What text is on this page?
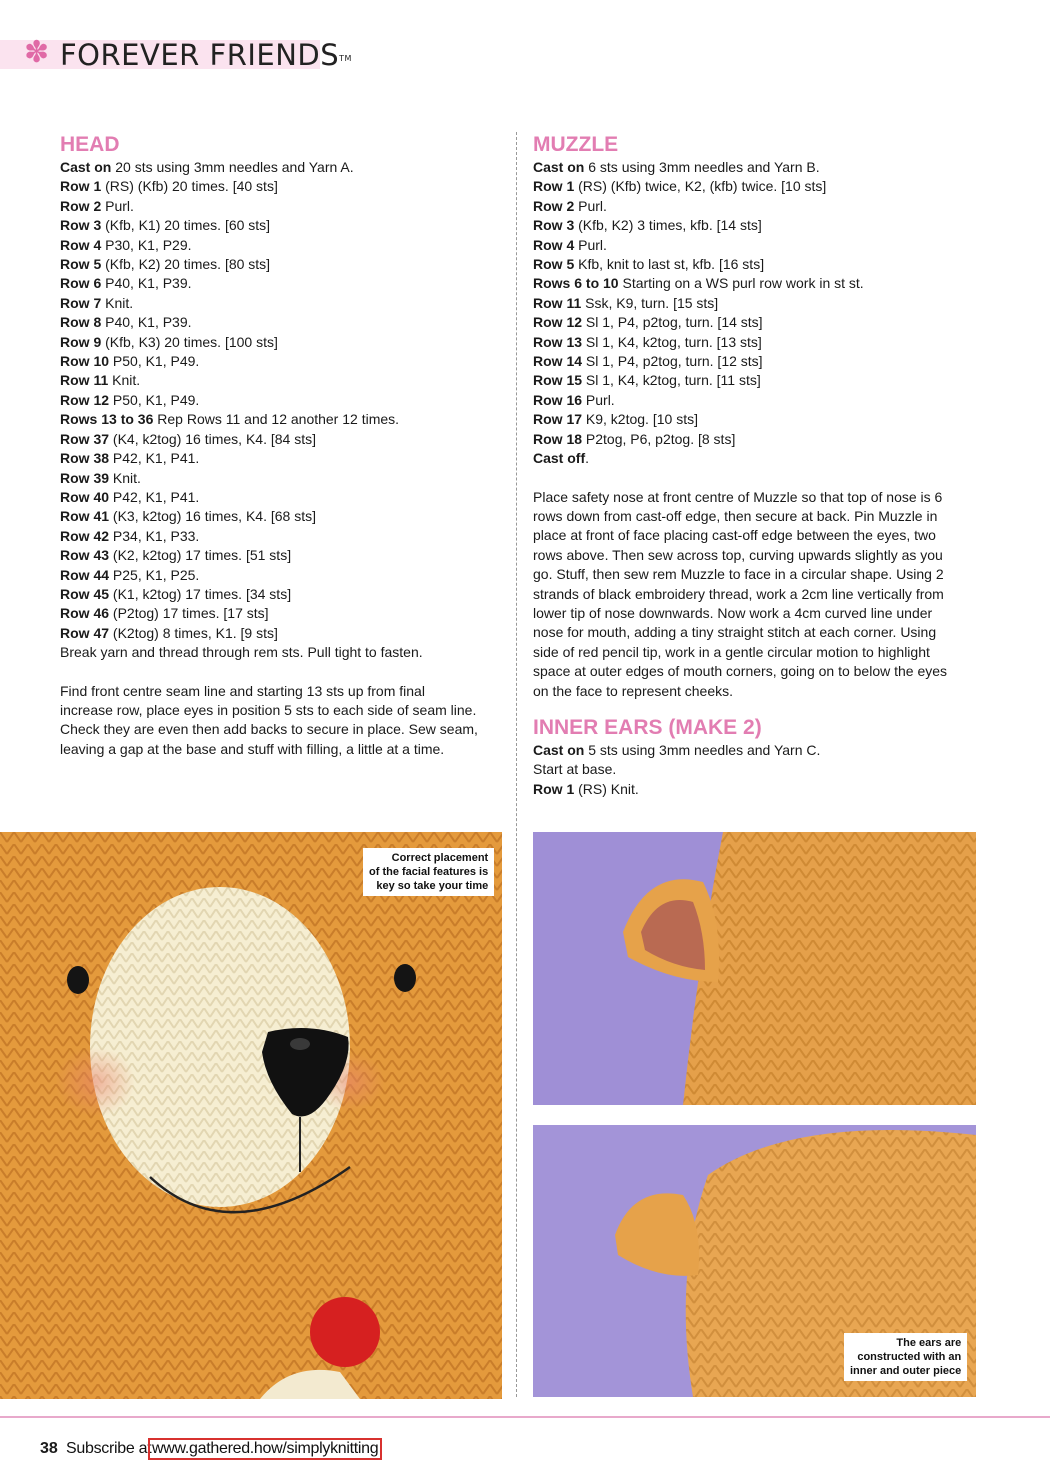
✽ FOREVER FRIENDS™
HEAD
Cast on 20 sts using 3mm needles and Yarn A.
Row 1 (RS) (Kfb) 20 times. [40 sts]
Row 2 Purl.
Row 3 (Kfb, K1) 20 times. [60 sts]
Row 4 P30, K1, P29.
Row 5 (Kfb, K2) 20 times. [80 sts]
Row 6 P40, K1, P39.
Row 7 Knit.
Row 8 P40, K1, P39.
Row 9 (Kfb, K3) 20 times. [100 sts]
Row 10 P50, K1, P49.
Row 11 Knit.
Row 12 P50, K1, P49.
Rows 13 to 36 Rep Rows 11 and 12 another 12 times.
Row 37 (K4, k2tog) 16 times, K4. [84 sts]
Row 38 P42, K1, P41.
Row 39 Knit.
Row 40 P42, K1, P41.
Row 41 (K3, k2tog) 16 times, K4. [68 sts]
Row 42 P34, K1, P33.
Row 43 (K2, k2tog) 17 times. [51 sts]
Row 44 P25, K1, P25.
Row 45 (K1, k2tog) 17 times. [34 sts]
Row 46 (P2tog) 17 times. [17 sts]
Row 47 (K2tog) 8 times, K1. [9 sts]
Break yarn and thread through rem sts. Pull tight to fasten.

Find front centre seam line and starting 13 sts up from final

increase row, place eyes in position 5 sts to each side of seam line.

Check they are even then add backs to secure in place. Sew seam,

leaving a gap at the base and stuff with filling, a little at a time.

MUZZLE
Cast on 6 sts using 3mm needles and Yarn B.
Row 1 (RS) (Kfb) twice, K2, (kfb) twice. [10 sts]
Row 2 Purl.
Row 3 (Kfb, K2) 3 times, kfb. [14 sts]
Row 4 Purl.
Row 5 Kfb, knit to last st, kfb. [16 sts]
Rows 6 to 10 Starting on a WS purl row work in st st.
Row 11 Ssk, K9, turn. [15 sts]
Row 12 Sl 1, P4, p2tog, turn. [14 sts]
Row 13 Sl 1, K4, k2tog, turn. [13 sts]
Row 14 Sl 1, P4, p2tog, turn. [12 sts]
Row 15 Sl 1, K4, k2tog, turn. [11 sts]
Row 16 Purl.
Row 17 K9, k2tog. [10 sts]
Row 18 P2tog, P6, p2tog. [8 sts]
Cast off.

Place safety nose at front centre of Muzzle so that top of nose is 6

rows down from cast-off edge, then secure at back. Pin Muzzle in

place at front of face placing cast-off edge between the eyes, two

rows above. Then sew across top, curving upwards slightly as you

go. Stuff, then sew rem Muzzle to face in a circular shape. Using 2

strands of black embroidery thread, work a 2cm line vertically from

lower tip of nose downwards. Now work a 4cm curved line under

nose for mouth, adding a tiny straight stitch at each corner. Using

side of red pencil tip, work in a gentle circular motion to highlight

space at outer edges of mouth corners, going on to below the eyes

on the face to represent cheeks.

INNER EARS (MAKE 2)
Cast on 5 sts using 3mm needles and Yarn C.
Start at base.
Row 1 (RS) Knit.
Correct placement
of the facial features is
key so take your time
The ears are
constructed with an
inner and outer piece
38 Subscribe at www.gathered.how/simplyknitting
